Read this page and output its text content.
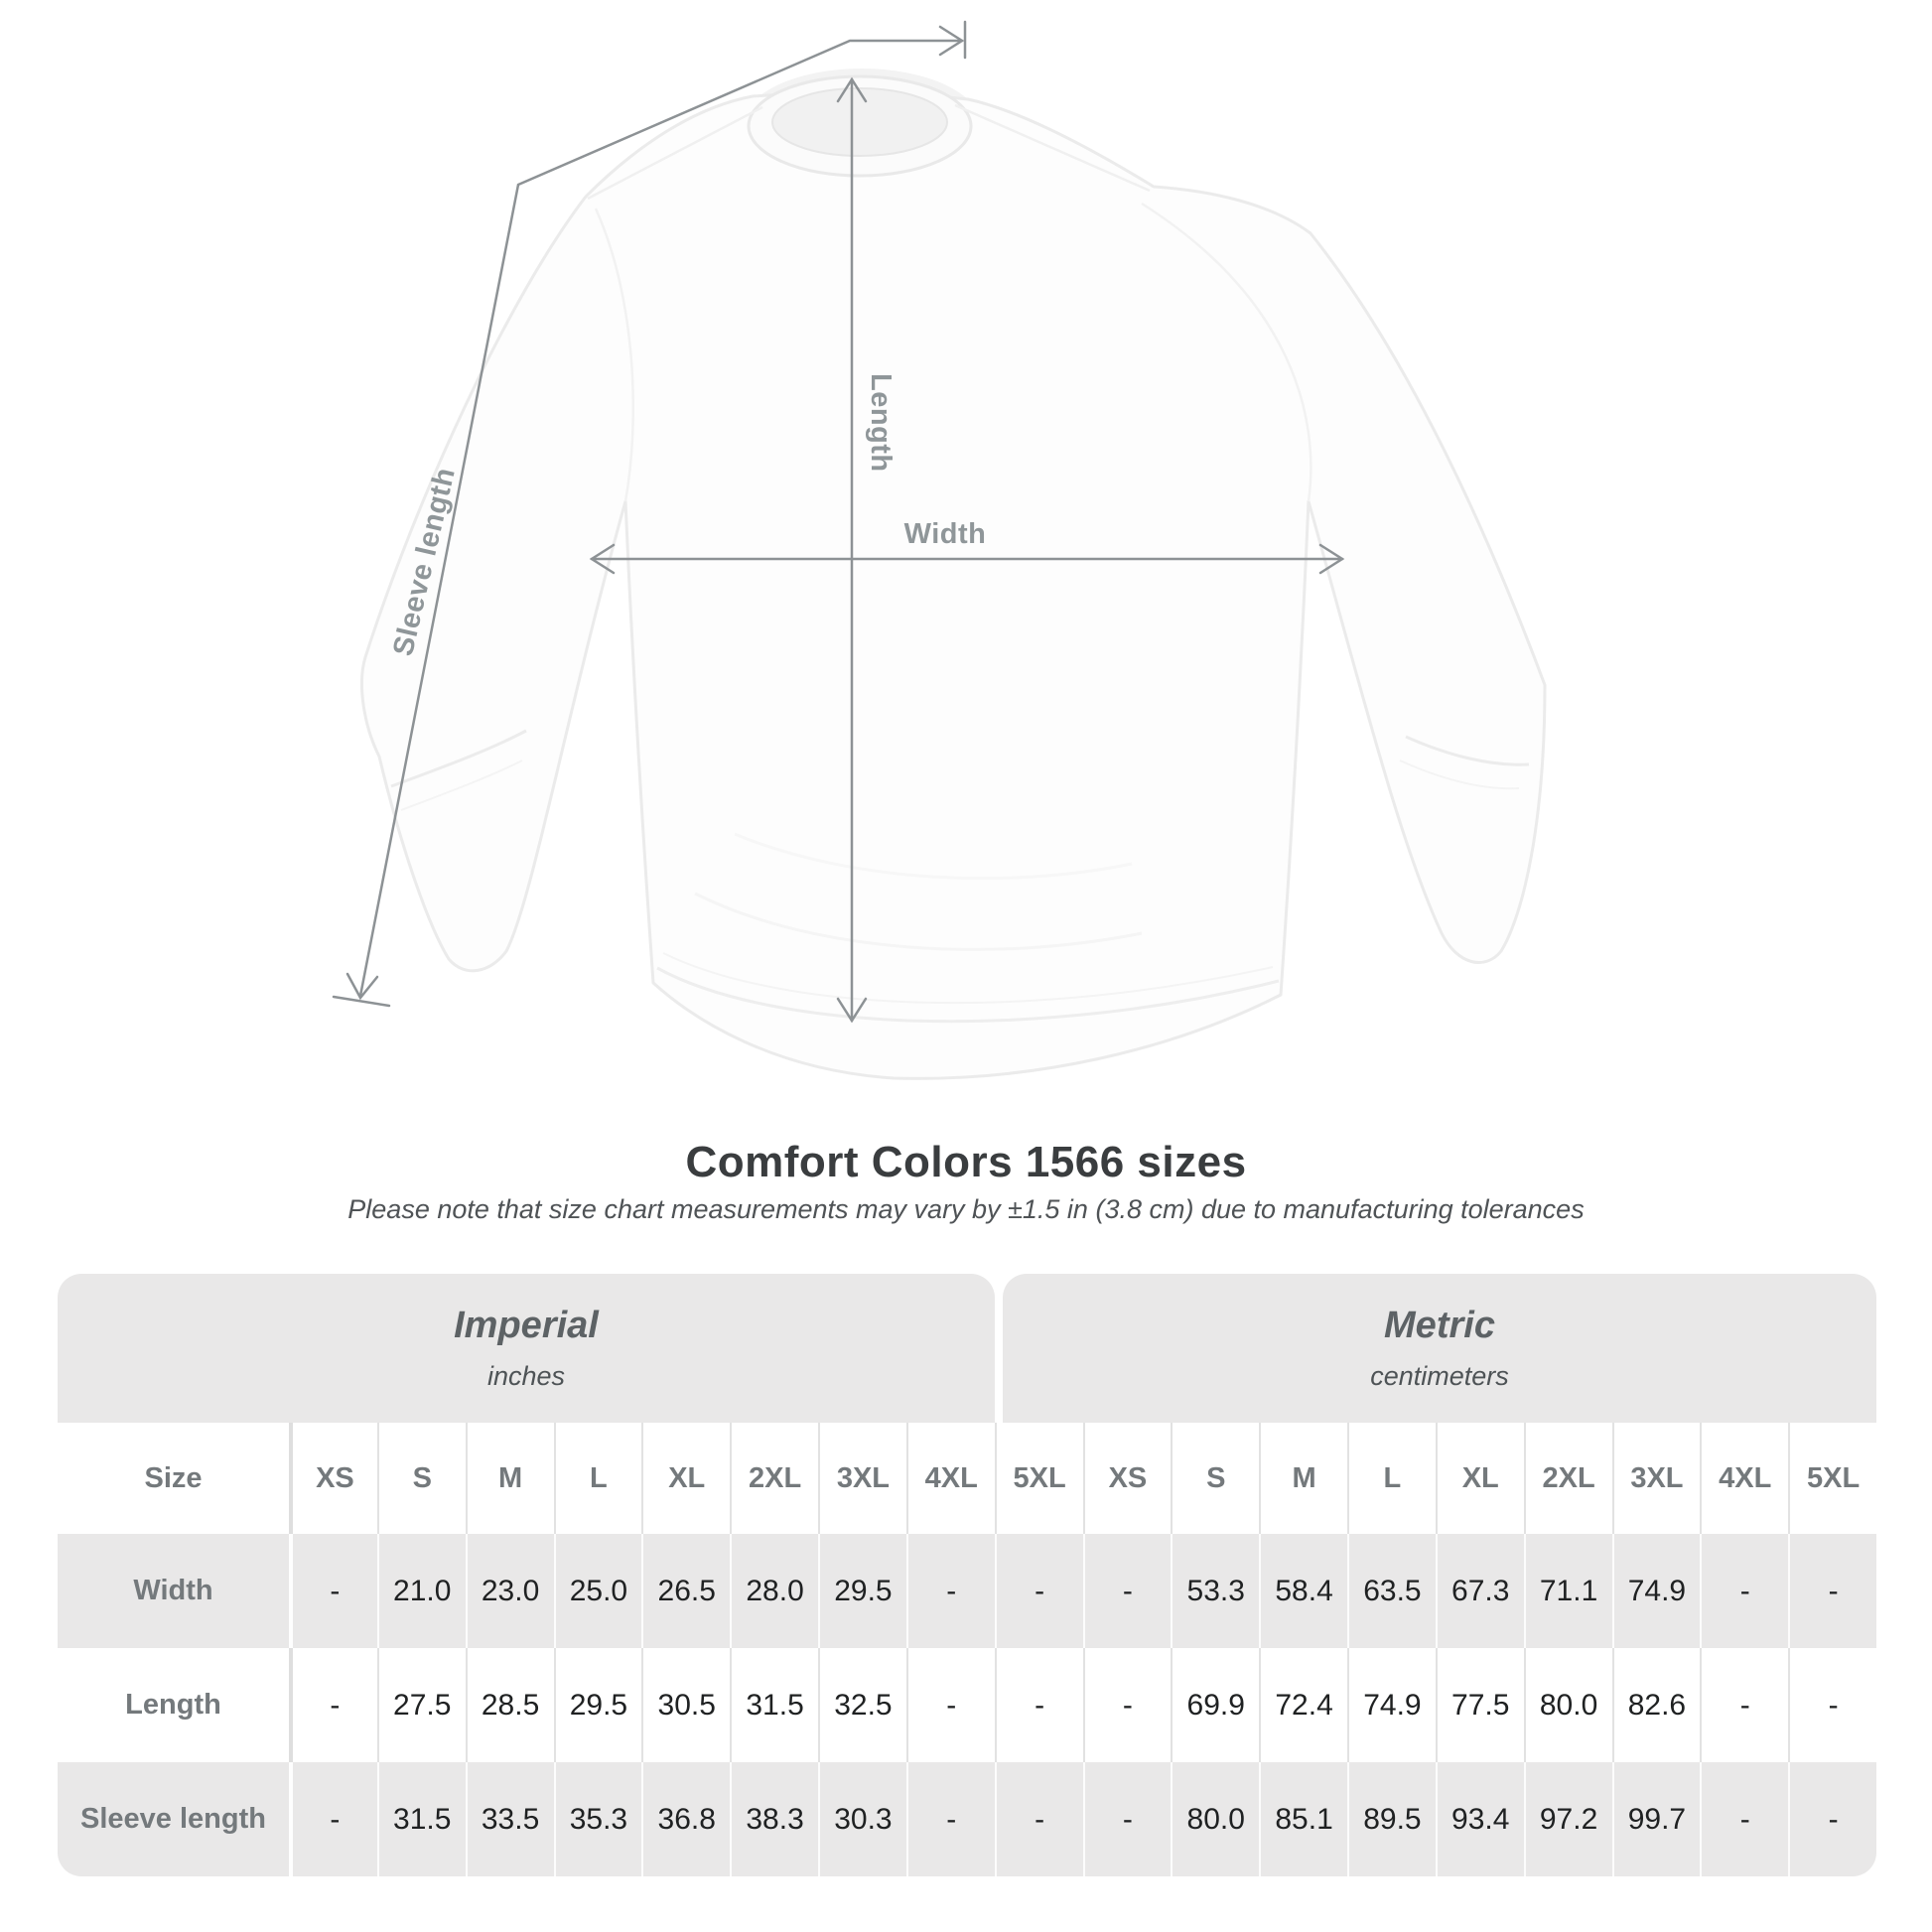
Length
Width
Sleeve length
Comfort Colors 1566 sizes
Please note that size chart measurements may vary by ±1.5 in (3.8 cm) due to manufacturing tolerances
Imperial
inches
Metric
centimeters
Size	XS	S	M	L	XL	2XL	3XL	4XL	5XL	XS	S	M	L	XL	2XL	3XL	4XL	5XL
Width	-	21.0	23.0	25.0	26.5	28.0	29.5	-	-	-	53.3	58.4	63.5	67.3	71.1	74.9	-	-
Length	-	27.5	28.5	29.5	30.5	31.5	32.5	-	-	-	69.9	72.4	74.9	77.5	80.0	82.6	-	-
Sleeve length	-	31.5	33.5	35.3	36.8	38.3	30.3	-	-	-	80.0	85.1	89.5	93.4	97.2	99.7	-	-
